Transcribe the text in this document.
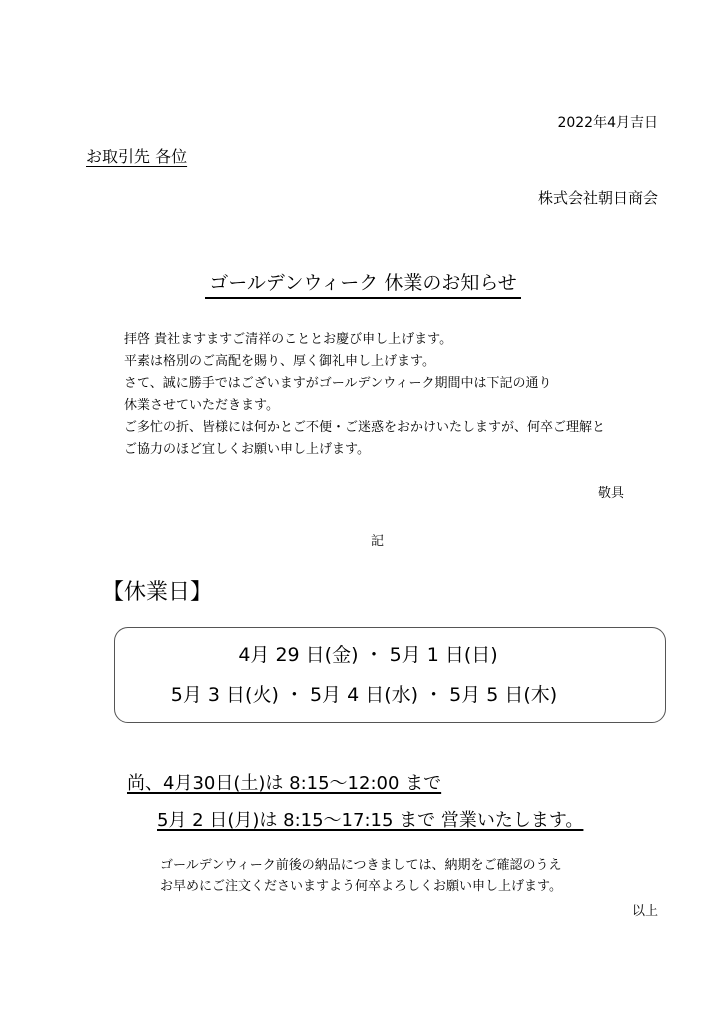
2022年4月吉日
お取引先 各位
株式会社朝日商会
ゴールデンウィーク 休業のお知らせ
拝啓 貴社ますますご清祥のこととお慶び申し上げます。
平素は格別のご高配を賜り、厚く御礼申し上げます。
さて、誠に勝手ではございますがゴールデンウィーク期間中は下記の通り
休業させていただきます。
ご多忙の折、皆様には何かとご不便・ご迷惑をおかけいたしますが、何卒ご理解と
ご協力のほど宜しくお願い申し上げます。
敬具
記
【休業日】
4月 29 日(金) ・ 5月 1 日(日)
5月 3 日(火) ・ 5月 4 日(水) ・ 5月 5 日(木)
尚、4月30日(土)は 8:15～12:00 まで
5月 2 日(月)は 8:15～17:15 まで 営業いたします。
ゴールデンウィーク前後の納品につきましては、納期をご確認のうえ
お早めにご注文くださいますよう何卒よろしくお願い申し上げます。
以上
